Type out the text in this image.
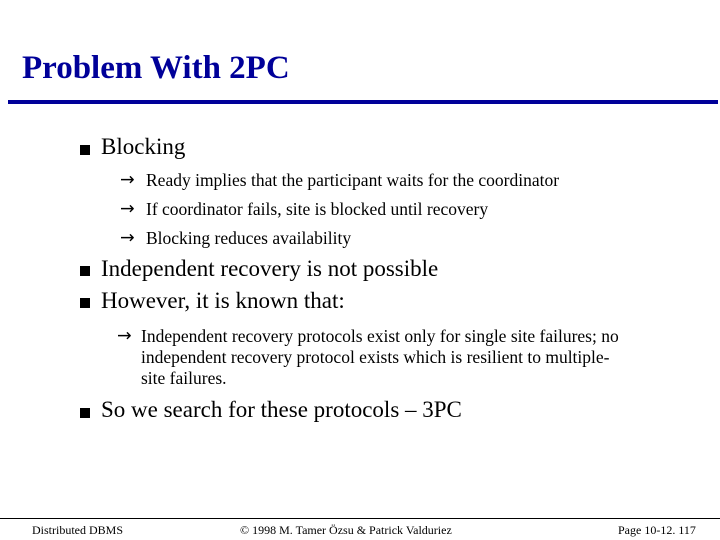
Problem With 2PC
Blocking
→ Ready implies that the participant waits for the coordinator
→ If coordinator fails, site is blocked until recovery
→ Blocking reduces availability
Independent recovery is not possible
However, it is known that:
→ Independent recovery protocols exist only for single site failures; no independent recovery protocol exists which is resilient to multiple-site failures.
So we search for these protocols – 3PC
Distributed DBMS	© 1998 M. Tamer Özsu & Patrick Valduriez	Page 10-12. 117
